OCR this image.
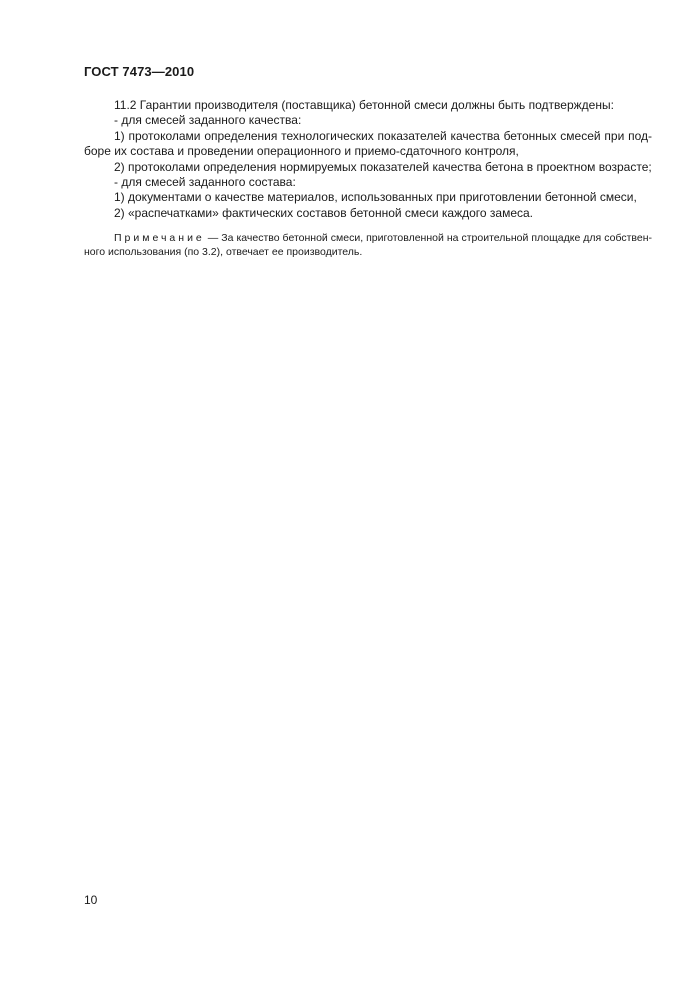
ГОСТ 7473—2010

11.2 Гарантии производителя (поставщика) бетонной смеси должны быть подтверждены:

- для смесей заданного качества:

1) протоколами определения технологических показателей качества бетонных смесей при под-

боре их состава и проведении операционного и приемо-сдаточного контроля,

2) протоколами определения нормируемых показателей качества бетона в проектном возрасте;

- для смесей заданного состава:

1) документами о качестве материалов, использованных при приготовлении бетонной смеси,

2) «распечатками» фактических составов бетонной смеси каждого замеса.

Примечание — За качество бетонной смеси, приготовленной на строительной площадке для собствен-

ного использования (по 3.2), отвечает ее производитель.

10
